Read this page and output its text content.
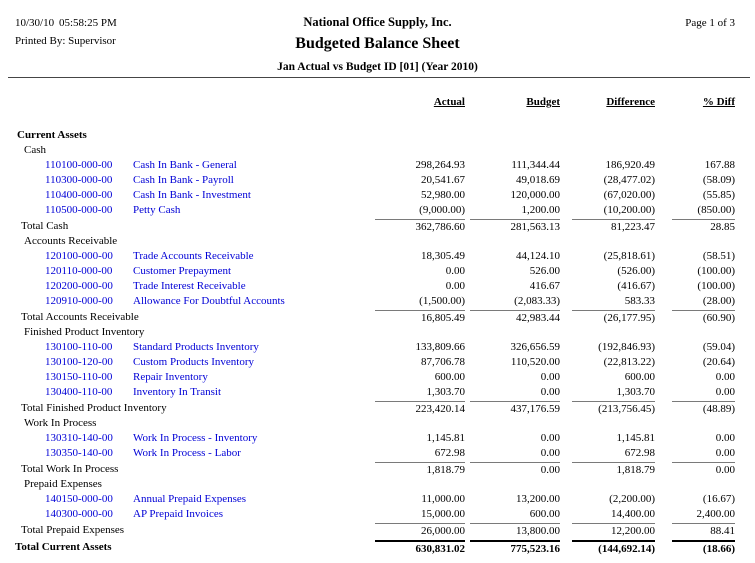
10/30/10 05:58:25 PM	National Office Supply, Inc.	Page 1 of 3
Printed By: Supervisor	Budgeted Balance Sheet
Jan Actual vs Budget ID [01] (Year 2010)
Actual	Budget	Difference	% Diff
Current Assets
Cash
110100-000-00	Cash In Bank - General	298,264.93	111,344.44	186,920.49	167.88
110300-000-00	Cash In Bank - Payroll	20,541.67	49,018.69	(28,477.02)	(58.09)
110400-000-00	Cash In Bank - Investment	52,980.00	120,000.00	(67,020.00)	(55.85)
110500-000-00	Petty Cash	(9,000.00)	1,200.00	(10,200.00)	(850.00)
Total Cash	362,786.60	281,563.13	81,223.47	28.85
Accounts Receivable
120100-000-00	Trade Accounts Receivable	18,305.49	44,124.10	(25,818.61)	(58.51)
120110-000-00	Customer Prepayment	0.00	526.00	(526.00)	(100.00)
120200-000-00	Trade Interest Receivable	0.00	416.67	(416.67)	(100.00)
120910-000-00	Allowance For Doubtful Accounts	(1,500.00)	(2,083.33)	583.33	(28.00)
Total Accounts Receivable	16,805.49	42,983.44	(26,177.95)	(60.90)
Finished Product Inventory
130100-110-00	Standard Products Inventory	133,809.66	326,656.59	(192,846.93)	(59.04)
130100-120-00	Custom Products Inventory	87,706.78	110,520.00	(22,813.22)	(20.64)
130150-110-00	Repair Inventory	600.00	0.00	600.00	0.00
130400-110-00	Inventory In Transit	1,303.70	0.00	1,303.70	0.00
Total Finished Product Inventory	223,420.14	437,176.59	(213,756.45)	(48.89)
Work In Process
130310-140-00	Work In Process - Inventory	1,145.81	0.00	1,145.81	0.00
130350-140-00	Work In Process - Labor	672.98	0.00	672.98	0.00
Total Work In Process	1,818.79	0.00	1,818.79	0.00
Prepaid Expenses
140150-000-00	Annual Prepaid Expenses	11,000.00	13,200.00	(2,200.00)	(16.67)
140300-000-00	AP Prepaid Invoices	15,000.00	600.00	14,400.00	2,400.00
Total Prepaid Expenses	26,000.00	13,800.00	12,200.00	88.41
Total Current Assets	630,831.02	775,523.16	(144,692.14)	(18.66)
